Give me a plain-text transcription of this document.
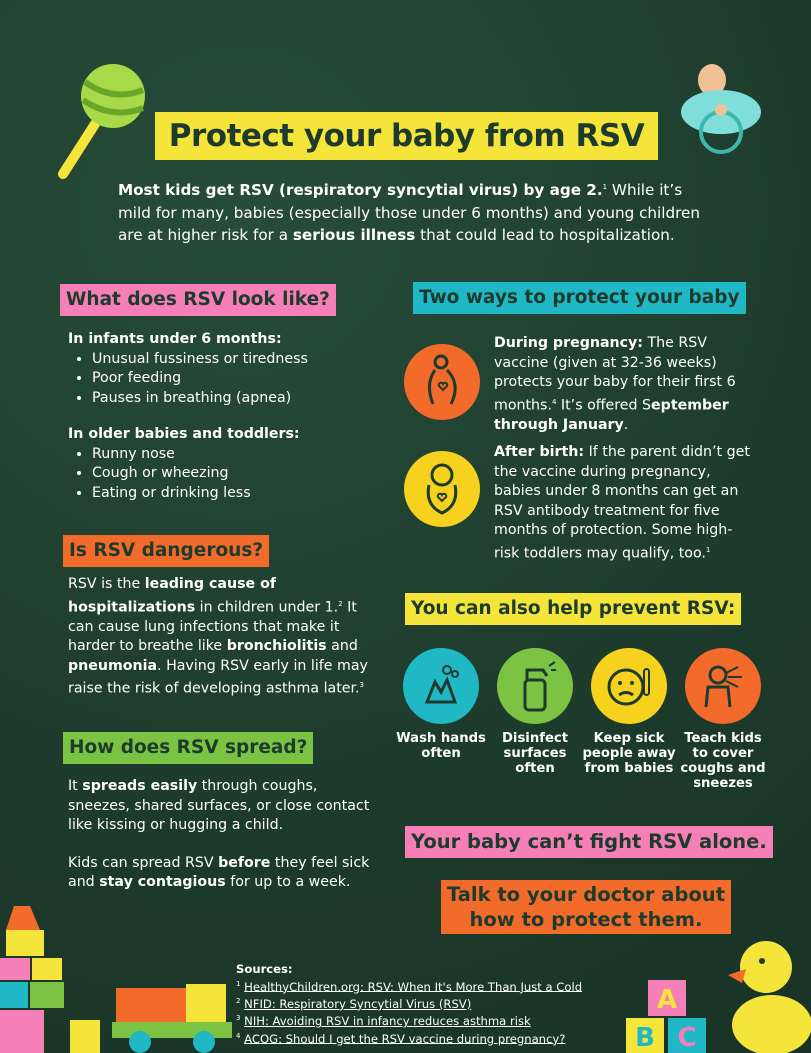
Protect your baby from RSV
Most kids get RSV (respiratory syncytial virus) by age 2.$^1$ While it’s mild for many, babies (especially those under 6 months) and young children are at higher risk for a serious illness that could lead to hospitalization.
What does RSV look like?
In infants under 6 months:
• Unusual fussiness or tiredness
• Poor feeding
• Pauses in breathing (apnea)
In older babies and toddlers:
• Runny nose
• Cough or wheezing
• Eating or drinking less
Is RSV dangerous?
RSV is the leading cause of hospitalizations in children under 1.$^2$ It can cause lung infections that make it harder to breathe like bronchiolitis and pneumonia. Having RSV early in life may raise the risk of developing asthma later.$^3$
How does RSV spread?
It spreads easily through coughs, sneezes, shared surfaces, or close contact like kissing or hugging a child.
Kids can spread RSV before they feel sick and stay contagious for up to a week.
Two ways to protect your baby
During pregnancy: The RSV vaccine (given at 32-36 weeks) protects your baby for their first 6 months.$^4$ It’s offered September through January.
After birth: If the parent didn’t get the vaccine during pregnancy, babies under 8 months can get an RSV antibody treatment for five months of protection. Some high-risk toddlers may qualify, too.$^1$
You can also help prevent RSV:
Wash hands often
Disinfect surfaces often
Keep sick people away from babies
Teach kids to cover coughs and sneezes
Your baby can’t fight RSV alone.
Talk to your doctor about how to protect them.
Sources:
$^1$ HealthyChildren.org: RSV: When It's More Than Just a Cold
$^2$ NFID: Respiratory Syncytial Virus (RSV)
$^3$ NIH: Avoiding RSV in infancy reduces asthma risk
$^4$ ACOG: Should I get the RSV vaccine during pregnancy?
A
B C
